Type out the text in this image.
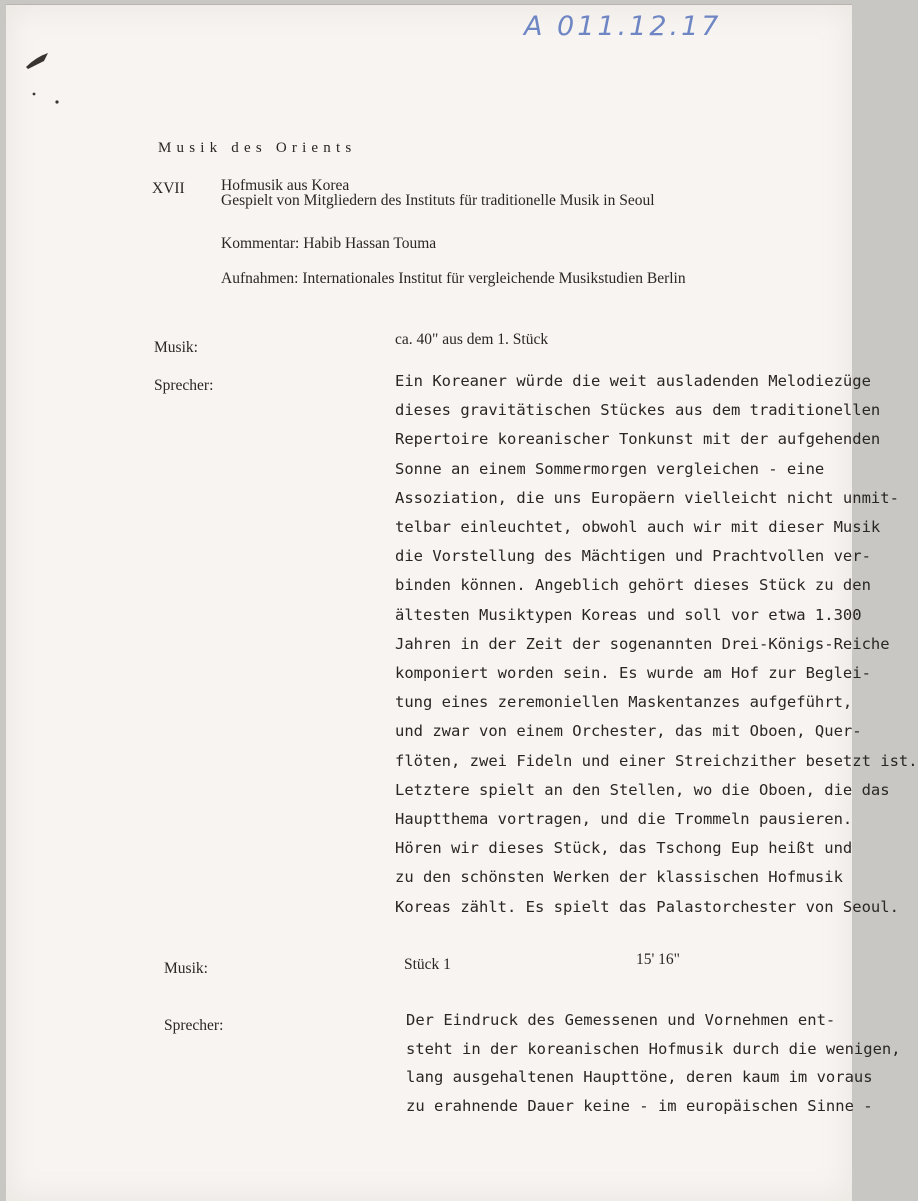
A 011.12.17
Musik des Orients
XVII Hofmusik aus Korea
Gespielt von Mitgliedern des Instituts für traditionelle Musik in Seoul
Kommentar: Habib Hassan Touma
Aufnahmen: Internationales Institut für vergleichende Musikstudien Berlin
Musik:	ca. 40" aus dem 1. Stück
Sprecher:	Ein Koreaner würde die weit ausladenden Melodiezüge
dieses gravitätischen Stückes aus dem traditionellen
Repertoire koreanischer Tonkunst mit der aufgehenden
Sonne an einem Sommermorgen vergleichen - eine
Assoziation, die uns Europäern vielleicht nicht unmit-
telbar einleuchtet, obwohl auch wir mit dieser Musik
die Vorstellung des Mächtigen und Prachtvollen ver-
binden können. Angeblich gehört dieses Stück zu den
ältesten Musiktypen Koreas und soll vor etwa 1.300
Jahren in der Zeit der sogenannten Drei-Königs-Reiche
komponiert worden sein. Es wurde am Hof zur Beglei-
tung eines zeremoniellen Maskentanzes aufgeführt,
und zwar von einem Orchester, das mit Oboen, Quer-
flöten, zwei Fideln und einer Streichzither besetzt ist.
Letztere spielt an den Stellen, wo die Oboen, die das
Hauptthema vortragen, und die Trommeln pausieren.
Hören wir dieses Stück, das Tschong Eup heißt und
zu den schönsten Werken der klassischen Hofmusik
Koreas zählt. Es spielt das Palastorchester von Seoul.
Musik:	Stück 1	15' 16"
Sprecher:	Der Eindruck des Gemessenen und Vornehmen ent-
steht in der koreanischen Hofmusik durch die wenigen,
lang ausgehaltenen Haupttöne, deren kaum im voraus
zu erahnende Dauer keine - im europäischen Sinne -
